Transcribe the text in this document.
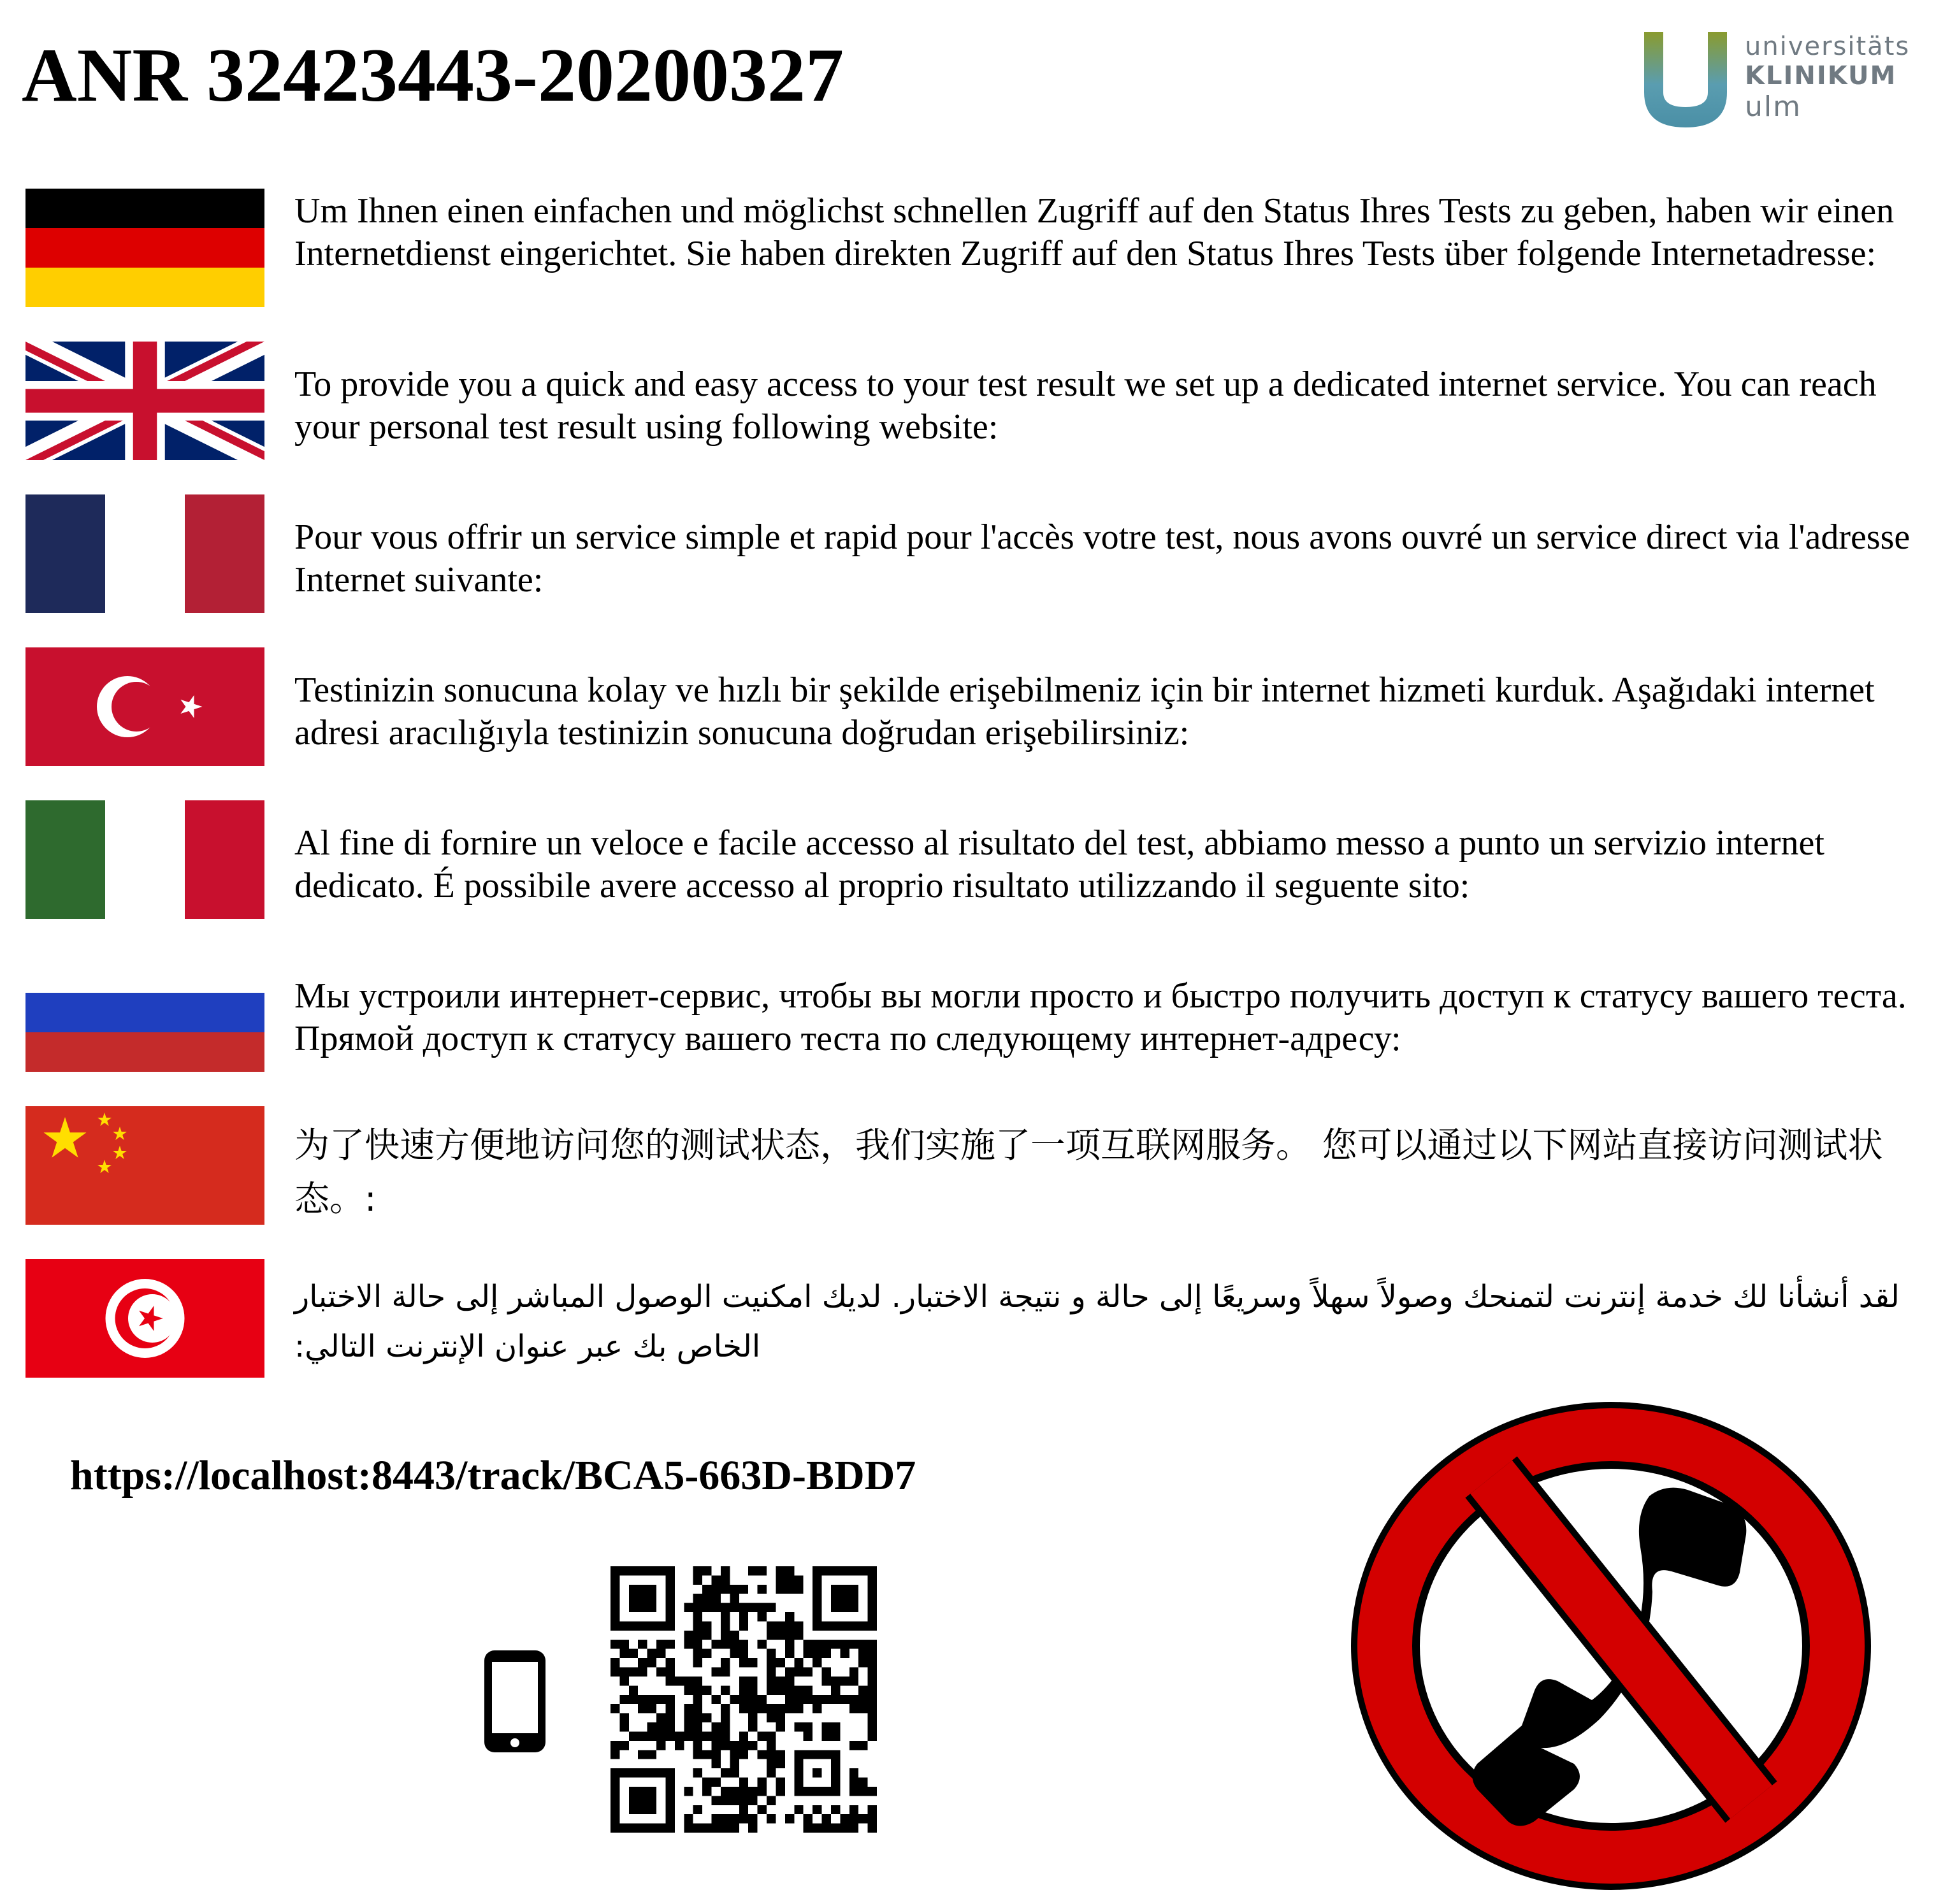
ANR 32423443-20200327	universitäts
KLINIKUM
ulm

Um Ihnen einen einfachen und möglichst schnellen Zugriff auf den Status Ihres Tests zu geben, haben wir einen Internetdienst eingerichtet. Sie haben direkten Zugriff auf den Status Ihres Tests über folgende Internetadresse:

To provide you a quick and easy access to your test result we set up a dedicated internet service. You can reach your personal test result using following website:

Pour vous offrir un service simple et rapid pour l'accès votre test, nous avons ouvré un service direct via l'adresse Internet suivante:

Testinizin sonucuna kolay ve hızlı bir şekilde erişebilmeniz için bir internet hizmeti kurduk. Aşağıdaki internet adresi aracılığıyla testinizin sonucuna doğrudan erişebilirsiniz:

Al fine di fornire un veloce e facile accesso al risultato del test, abbiamo messo a punto un servizio internet dedicato. É possibile avere accesso al proprio risultato utilizzando il seguente sito:

Мы устроили интернет-сервис, чтобы вы могли просто и быстро получить доступ к статусу вашего теста. Прямой доступ к статусу вашего теста по следующему интернет-адресу:

为了快速方便地访问您的测试状态，我们实施了一项互联网服务。 您可以通过以下网站直接访问测试状态。:

لقد أنشأنا لك خدمة إنترنت لتمنحك وصولاً سهلاً وسريعًا إلى حالة و نتيجة الاختبار. لديك امكنيت الوصول المباشر إلى حالة الاختبار الخاص بك عبر عنوان الإنترنت التالي:

https://localhost:8443/track/BCA5-663D-BDD7
